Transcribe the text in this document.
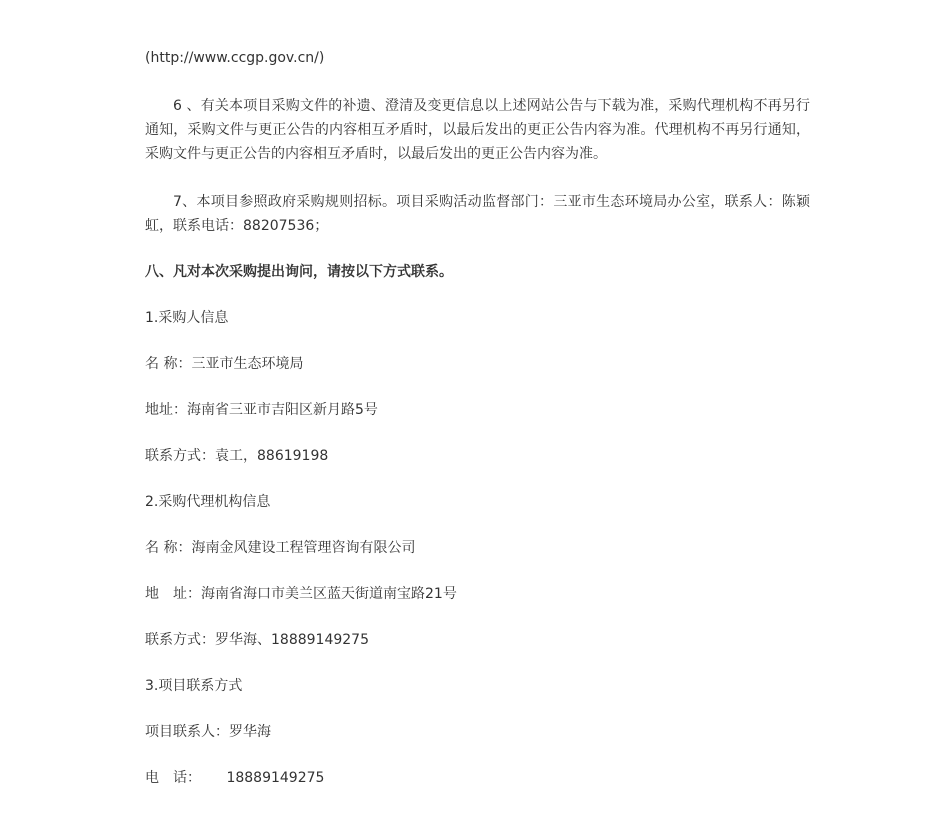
(http://www.ccgp.gov.cn/)

6 、有关本项目采购文件的补遗、澄清及变更信息以上述网站公告与下载为准，采购代理机构不再另行通知，采购文件与更正公告的内容相互矛盾时，以最后发出的更正公告内容为准。代理机构不再另行通知，采购文件与更正公告的内容相互矛盾时，以最后发出的更正公告内容为准。

7、本项目参照政府采购规则招标。项目采购活动监督部门：三亚市生态环境局办公室，联系人：陈颖虹，联系电话：88207536；

八、凡对本次采购提出询问，请按以下方式联系。

1.采购人信息

名 称：三亚市生态环境局

地址：海南省三亚市吉阳区新月路5号

联系方式：袁工，88619198

2.采购代理机构信息

名 称：海南金风建设工程管理咨询有限公司

地　址：海南省海口市美兰区蓝天街道南宝路21号

联系方式：罗华海、18889149275

3.项目联系方式

项目联系人：罗华海

电　话：　　 18889149275
